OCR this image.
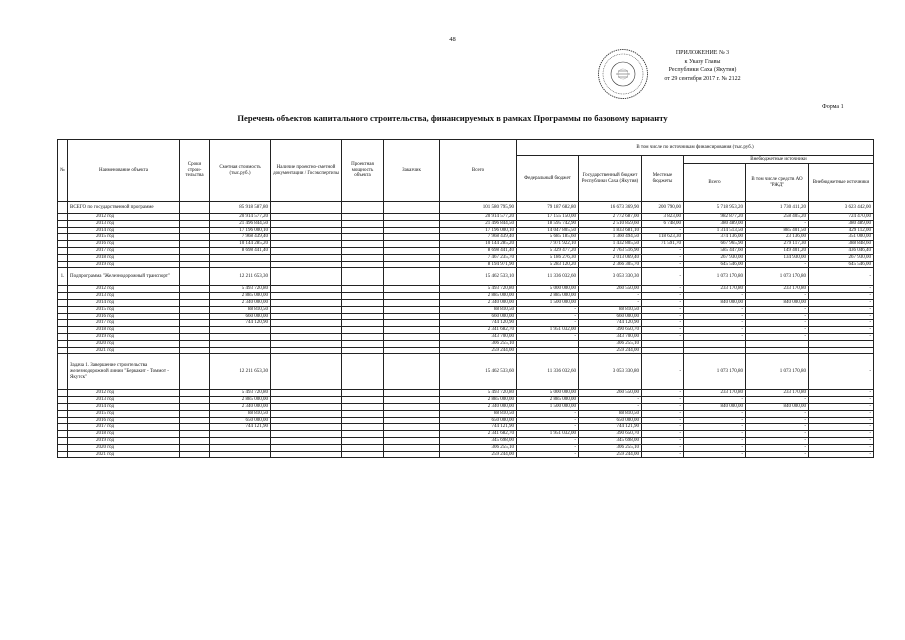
48
ПРИЛОЖЕНИЕ № 3
к Указу Главы
Республики Саха (Якутия)
от 29 сентября 2017 г. № 2122
Форма 1
Перечень объектов капитального строительства, финансируемых в рамках Программы по базовому варианту
№	Наименование объекта	Сроки строи-тельства	Сметная стоимость (тыс.руб.)	Наличие проектно-сметной документации / Госэкспертизы	Проектная мощность объекта	Заказчик	Всего	В том числе по источникам финансирования (тыс.руб.)					
								Федеральный бюджет	Государственный бюджет Республики Саха (Якутия)	Местные бюджеты	Внебюджетные источники		
											Всего	В том числе средств АО "РЖД"	Внебюджетные источники
	ВСЕГО по государственной программе		85 918 587,80				101 580 795,90	79 187 682,80	16 673 369,90	200 790,00	5 718 953,20	1 730 411,20	3 623 442,00
	2012 год		20 914 577,20				20 914 577,20	17 155 150,00	2 772 687,00	3 823,00	982 877,20	258 405,20	724 470,00
	2013 год		21 496 844,50				21 496 844,50	18 595 742,90	2 510 859,60	6 748,00	380 489,00	-	380 489,00
	2014 год		17 196 000,10				17 196 000,10	14 047 805,50	1 833 681,10	-	1 314 513,50	885 401,50	429 112,00
	2015 год		7 968 439,40				7 968 439,40	5 685 185,60	1 360 494,50	118 623,30	374 136,00	23 136,00	351 000,00
	2016 год		10 144 285,20				10 144 285,20	7 971 922,10	1 432 805,50	71 591,70	667 965,90	279 117,30	388 848,60
	2017 год		8 698 441,40				8 698 441,40	5 329 477,20	2 763 516,90	-	585 447,60	149 401,20	436 046,40
	2018 год						7 467 235,70	5 186 276,30	2 013 069,40	-	267 930,00	134 930,00	267 930,00
	2019 год						8 194 971,90	5 283 120,20	2 366 305,70	-	645 546,00	-	645 546,00
1.	Подпрограмма "Железнодорожный транспорт"		12 211 653,30				15 462 533,10	11 336 032,60	3 053 330,30	-	1 073 170,80	1 073 170,80	-
	2012 год		5 493 720,80				5 493 720,80	5 000 000,00	260 550,00	-	233 170,80	233 170,80	-
	2013 год		2 885 000,00				2 885 000,00	2 885 000,00	-	-	-	-	-
	2014 год		2 340 000,00				2 340 000,00	1 500 000,00	-	-	840 000,00	840 000,00	-
	2015 год		88 810,50				88 810,50	-	88 810,50	-	-	-	-
	2016 год		660 000,00				660 000,00	-	660 000,00	-	-	-	-
	2017 год		744 120,90				744 120,90	-	744 120,90	-	-	-	-
	2018 год						2 341 682,70	1 951 032,00	390 650,70	-	-	-	-
	2019 год						343 700,00	-	343 700,00	-	-	-	-
	2020 год						306 255,10		306 255,10				
	2021 год						259 244,00		259 244,00				
	Задача 1. Завершение строительства железнодорожной линии "Беркакит - Томмот - Якутск"		12 211 653,30				15 462 533,60	11 336 032,60	3 053 330,80	-	1 073 170,80	1 073 170,80	-
	2012 год		5 493 720,80				5 493 720,80	5 000 000,00	260 550,00	-	233 170,80	233 170,80	-
	2013 год		2 885 000,00				2 885 000,00	2 885 000,00	-	-	-	-	-
	2014 год		2 340 000,00				2 340 000,00	1 500 000,00	-	-	840 000,00	840 000,00	-
	2015 год		88 810,50				88 810,50	-	88 810,50	-	-	-	-
	2016 год		650 000,00				650 000,00	-	650 000,00	-	-	-	-
	2017 год		744 121,90				744 121,90	-	744 121,90	-	-	-	-
	2018 год						2 341 682,70	1 951 032,00	390 650,70	-	-	-	-
	2019 год						345 698,00	-	345 698,00	-	-	-	-
	2020 год						306 255,10	-	306 255,10	-	-	-	-
	2021 год						259 244,00	-	259 244,00	-	-	-	-
